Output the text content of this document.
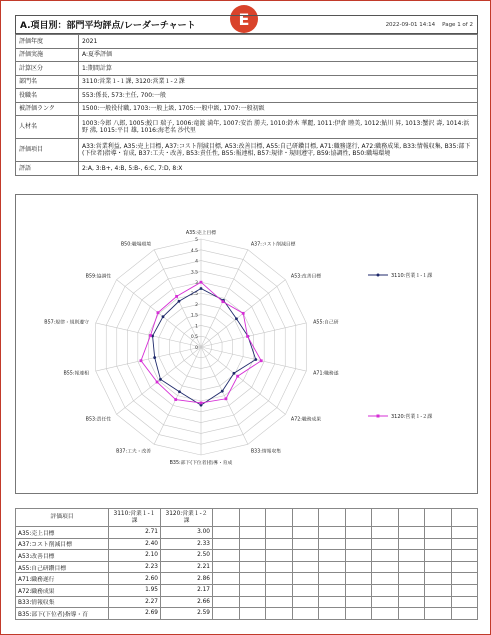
E
A.項目別：部門平均評点/レーダーチャート	2022-09-01 14:14 Page 1 of 2
評価年度	2021
評価実施	A:夏季評価
計算区分	1:期間計算
部門名	3110:営業１-１課, 3120:営業１-２課
役職名	553:係長, 573:主任, 700:一般
被評価ランク	1500:一般役付職, 1703:一般上級, 1705:一般中級, 1707:一般初級
人材名	1003:今郎 八郎, 1005:鮫口 瑞子, 1006:竜渡 満年, 1007:安治 勝夫, 1010:鈴木 華麗, 1011:伊倉 睦美, 1012:鮎川 昇, 1013:蟹沢 壽, 1014:浜野 沸, 1015:平目 雄, 1016:海老名 沙代里
評価項目	A33:営業利益, A35:売上目標, A37:コスト削減目標, A53:改善目標, A55:自己研鑽目標, A71:職務遂行, A72:職務成果, B33:情報収集, B35:部下(下位者)指導・育成, B37:工夫・改善, B53:責任性, B55:報連相, B57:規律・規則遵守, B59:協調性, B50:職場環境
評語	2:A, 3:B+, 4:B, 5:B-, 6:C, 7:D, 8:X
0
0.5
1
1.5
2
2.5
3
3.5
4
4.5
5
A35:売上目標
A37:コスト削減目標
A53:改善目標
A55:自己研
A71:職務遂
A72:職務成果
B33:情報収集
B35:部下(下位者)指導・育成
B37:工夫・改善
B53:責任性
B55:報連相
B57:規律・規則遵守
B59:協調性
B50:職場環境
3110:営業１-１課
3120:営業１-２課
評価項目	3110:営業１-１課	3120:営業１-２課										
A35:売上目標	2.71	3.00										
A37:コスト削減目標	2.40	2.33										
A53:改善目標	2.10	2.50										
A55:自己研鑽目標	2.23	2.21										
A71:職務遂行	2.60	2.86										
A72:職務成果	1.95	2.17										
B33:情報収集	2.27	2.66										
B35:部下(下位者)指導・育	2.69	2.59										
